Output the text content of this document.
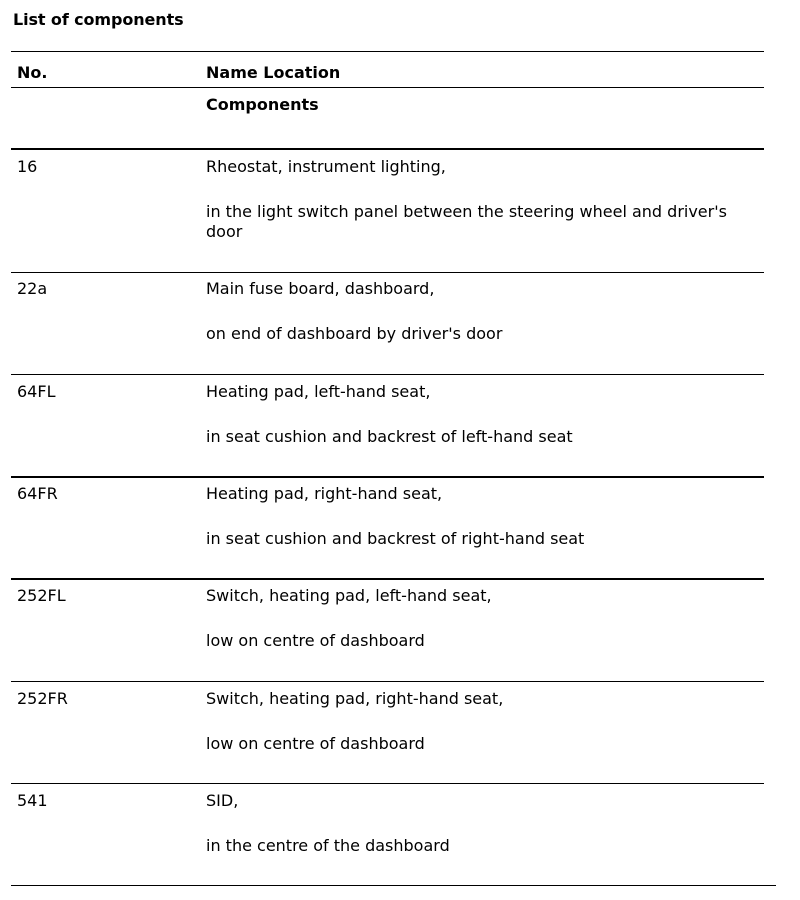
List of components
No.	Name Location
Components
16	Rheostat, instrument lighting,
in the light switch panel between the steering wheel and driver's door
22a	Main fuse board, dashboard,
on end of dashboard by driver's door
64FL	Heating pad, left-hand seat,
in seat cushion and backrest of left-hand seat
64FR	Heating pad, right-hand seat,
in seat cushion and backrest of right-hand seat
252FL	Switch, heating pad, left-hand seat,
low on centre of dashboard
252FR	Switch, heating pad, right-hand seat,
low on centre of dashboard
541	SID,
in the centre of the dashboard
